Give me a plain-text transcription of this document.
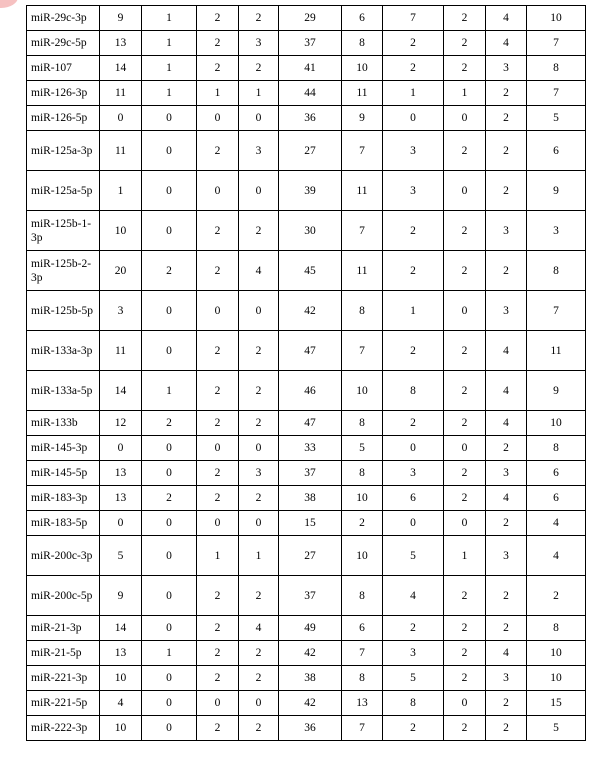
miR-29c-3p	9	1	2	2	29	6	7	2	4	10
miR-29c-5p	13	1	2	3	37	8	2	2	4	7
miR-107	14	1	2	2	41	10	2	2	3	8
miR-126-3p	11	1	1	1	44	11	1	1	2	7
miR-126-5p	0	0	0	0	36	9	0	0	2	5
miR-125a-3p	11	0	2	3	27	7	3	2	2	6
miR-125a-5p	1	0	0	0	39	11	3	0	2	9
miR-125b-1-3p	10	0	2	2	30	7	2	2	3	3
miR-125b-2-3p	20	2	2	4	45	11	2	2	2	8
miR-125b-5p	3	0	0	0	42	8	1	0	3	7
miR-133a-3p	11	0	2	2	47	7	2	2	4	11
miR-133a-5p	14	1	2	2	46	10	8	2	4	9
miR-133b	12	2	2	2	47	8	2	2	4	10
miR-145-3p	0	0	0	0	33	5	0	0	2	8
miR-145-5p	13	0	2	3	37	8	3	2	3	6
miR-183-3p	13	2	2	2	38	10	6	2	4	6
miR-183-5p	0	0	0	0	15	2	0	0	2	4
miR-200c-3p	5	0	1	1	27	10	5	1	3	4
miR-200c-5p	9	0	2	2	37	8	4	2	2	2
miR-21-3p	14	0	2	4	49	6	2	2	2	8
miR-21-5p	13	1	2	2	42	7	3	2	4	10
miR-221-3p	10	0	2	2	38	8	5	2	3	10
miR-221-5p	4	0	0	0	42	13	8	0	2	15
miR-222-3p	10	0	2	2	36	7	2	2	2	5
